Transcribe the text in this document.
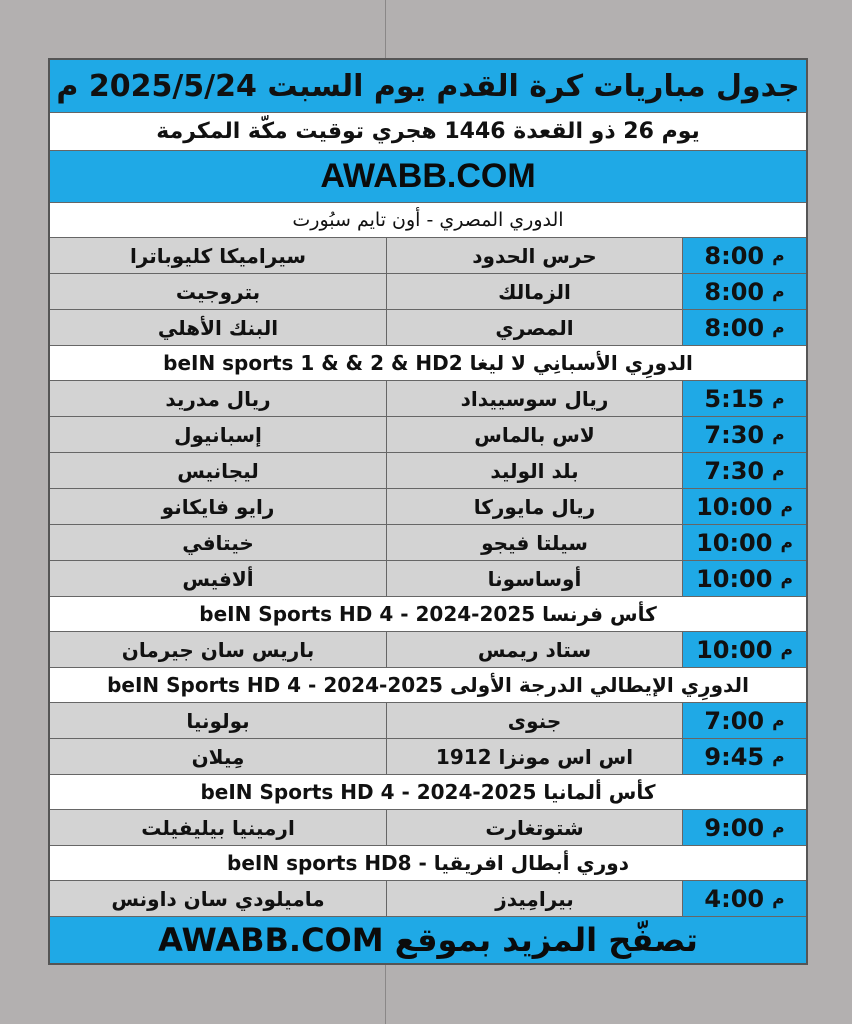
جدول مباريات كرة القدم يوم السبت 2025/5/24 م
يوم 26 ذو القعدة 1446 هجري توقيت مكّة المكرمة
AWABB.COM
الدوري المصري - أون تايم سبُورت
سيراميكا كليوباترا	حرس الحدود	8:00 م
بتروجيت	الزمالك	8:00 م
البنك الأهلي	المصري	8:00 م
الدورِي الأسبانِي لا ليغا beIN sports 1 & & 2 & HD2
ريال مدريد	ريال سوسييداد	5:15 م
إسبانيول	لاس بالماس	7:30 م
ليجانيس	بلد الوليد	7:30 م
رايو فايكانو	ريال مايوركا	10:00 م
خيتافي	سيلتا فيجو	10:00 م
ألافيس	أوساسونا	10:00 م
كأس فرنسا 2025-2024 - beIN Sports HD 4
باريس سان جيرمان	ستاد ريمس	10:00 م
الدورِي الإيطالي الدرجة الأولى 2025-2024 - beIN Sports HD 4
بولونيا	جنوى	7:00 م
مِيلان	اس اس مونزا 1912	9:45 م
كأس ألمانيا 2025-2024 - beIN Sports HD 4
ارمينيا بيليفيلت	شتوتغارت	9:00 م
دوري أبطال افريقيا - beIN sports HD8
ماميلودي سان داونس	بيرامِيدز	4:00 م
تصفّح المزيد بموقع AWABB.COM
